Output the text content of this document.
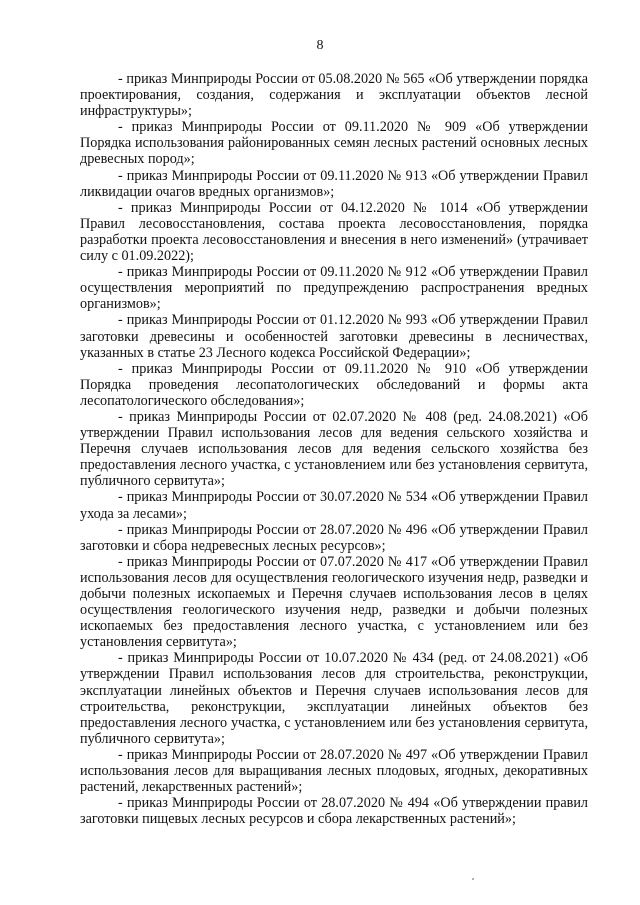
8

- приказ Минприроды России от 05.08.2020 № 565 «Об утверждении порядка проектирования, создания, содержания и эксплуатации объектов лесной инфраструктуры»;

- приказ Минприроды России от 09.11.2020 № 909 «Об утверждении Порядка использования районированных семян лесных растений основных лесных древесных пород»;

- приказ Минприроды России от 09.11.2020 № 913 «Об утверждении Правил ликвидации очагов вредных организмов»;

- приказ Минприроды России от 04.12.2020 № 1014 «Об утверждении Правил лесовосстановления, состава проекта лесовосстановления, порядка разработки проекта лесовосстановления и внесения в него изменений» (утрачивает силу с 01.09.2022);

- приказ Минприроды России от 09.11.2020 № 912 «Об утверждении Правил осуществления мероприятий по предупреждению распространения вредных организмов»;

- приказ Минприроды России от 01.12.2020 № 993 «Об утверждении Правил заготовки древесины и особенностей заготовки древесины в лесничествах, указанных в статье 23 Лесного кодекса Российской Федерации»;

- приказ Минприроды России от 09.11.2020 № 910 «Об утверждении Порядка проведения лесопатологических обследований и формы акта лесопатологического обследования»;

- приказ Минприроды России от 02.07.2020 № 408 (ред. 24.08.2021) «Об утверждении Правил использования лесов для ведения сельского хозяйства и Перечня случаев использования лесов для ведения сельского хозяйства без предоставления лесного участка, с установлением или без установления сервитута, публичного сервитута»;

- приказ Минприроды России от 30.07.2020 № 534 «Об утверждении Правил ухода за лесами»;

- приказ Минприроды России от 28.07.2020 № 496 «Об утверждении Правил заготовки и сбора недревесных лесных ресурсов»;

- приказ Минприроды России от 07.07.2020 № 417 «Об утверждении Правил использования лесов для осуществления геологического изучения недр, разведки и добычи полезных ископаемых и Перечня случаев использования лесов в целях осуществления геологического изучения недр, разведки и добычи полезных ископаемых без предоставления лесного участка, с установлением или без установления сервитута»;

- приказ Минприроды России от 10.07.2020 № 434 (ред. от 24.08.2021) «Об утверждении Правил использования лесов для строительства, реконструкции, эксплуатации линейных объектов и Перечня случаев использования лесов для строительства, реконструкции, эксплуатации линейных объектов без предоставления лесного участка, с установлением или без установления сервитута, публичного сервитута»;

- приказ Минприроды России от 28.07.2020 № 497 «Об утверждении Правил использования лесов для выращивания лесных плодовых, ягодных, декоративных растений, лекарственных растений»;

- приказ Минприроды России от 28.07.2020 № 494 «Об утверждении правил заготовки пищевых лесных ресурсов и сбора лекарственных растений»;
